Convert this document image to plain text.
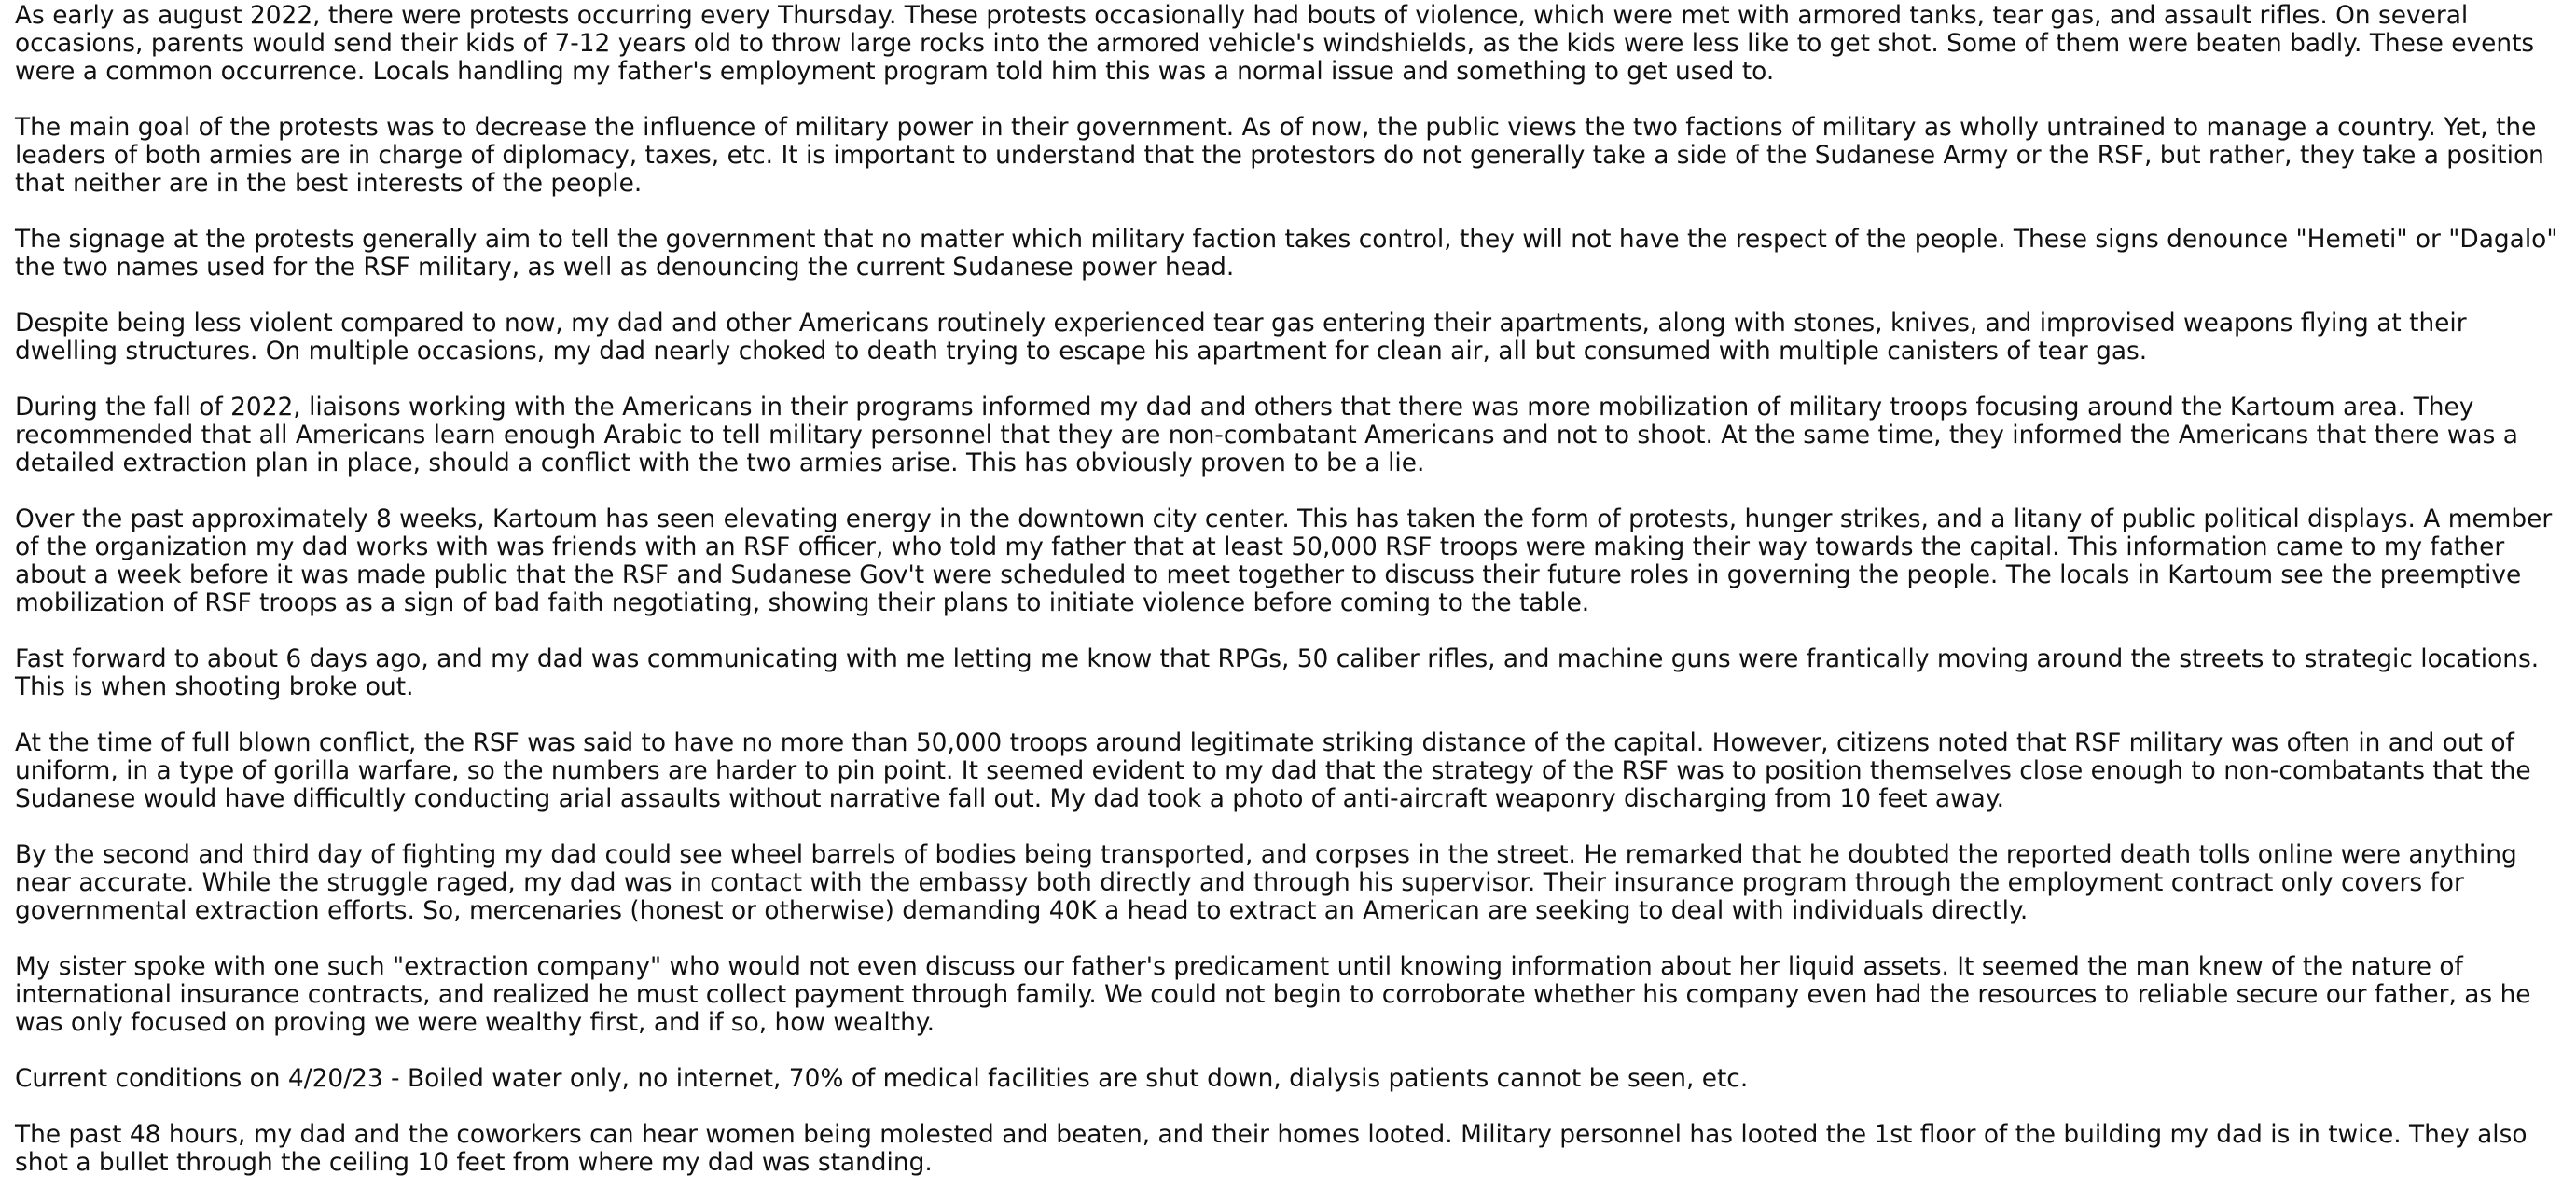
As early as august 2022, there were protests occurring every Thursday. These protests occasionally had bouts of violence, which were met with armored tanks, tear gas, and assault rifles. On several occasions, parents would send their kids of 7-12 years old to throw large rocks into the armored vehicle's windshields, as the kids were less like to get shot. Some of them were beaten badly. These events were a common occurrence. Locals handling my father's employment program told him this was a normal issue and something to get used to.

The main goal of the protests was to decrease the influence of military power in their government. As of now, the public views the two factions of military as wholly untrained to manage a country. Yet, the leaders of both armies are in charge of diplomacy, taxes, etc. It is important to understand that the protestors do not generally take a side of the Sudanese Army or the RSF, but rather, they take a position that neither are in the best interests of the people.

The signage at the protests generally aim to tell the government that no matter which military faction takes control, they will not have the respect of the people. These signs denounce "Hemeti" or "Dagalo" the two names used for the RSF military, as well as denouncing the current Sudanese power head.

Despite being less violent compared to now, my dad and other Americans routinely experienced tear gas entering their apartments, along with stones, knives, and improvised weapons flying at their dwelling structures. On multiple occasions, my dad nearly choked to death trying to escape his apartment for clean air, all but consumed with multiple canisters of tear gas.

During the fall of 2022, liaisons working with the Americans in their programs informed my dad and others that there was more mobilization of military troops focusing around the Kartoum area. They recommended that all Americans learn enough Arabic to tell military personnel that they are non-combatant Americans and not to shoot. At the same time, they informed the Americans that there was a detailed extraction plan in place, should a conflict with the two armies arise. This has obviously proven to be a lie.

Over the past approximately 8 weeks, Kartoum has seen elevating energy in the downtown city center. This has taken the form of protests, hunger strikes, and a litany of public political displays. A member of the organization my dad works with was friends with an RSF officer, who told my father that at least 50,000 RSF troops were making their way towards the capital. This information came to my father about a week before it was made public that the RSF and Sudanese Gov't were scheduled to meet together to discuss their future roles in governing the people. The locals in Kartoum see the preemptive mobilization of RSF troops as a sign of bad faith negotiating, showing their plans to initiate violence before coming to the table.

Fast forward to about 6 days ago, and my dad was communicating with me letting me know that RPGs, 50 caliber rifles, and machine guns were frantically moving around the streets to strategic locations. This is when shooting broke out.

At the time of full blown conflict, the RSF was said to have no more than 50,000 troops around legitimate striking distance of the capital. However, citizens noted that RSF military was often in and out of uniform, in a type of gorilla warfare, so the numbers are harder to pin point. It seemed evident to my dad that the strategy of the RSF was to position themselves close enough to non-combatants that the Sudanese would have difficultly conducting arial assaults without narrative fall out. My dad took a photo of anti-aircraft weaponry discharging from 10 feet away.

By the second and third day of fighting my dad could see wheel barrels of bodies being transported, and corpses in the street. He remarked that he doubted the reported death tolls online were anything near accurate. While the struggle raged, my dad was in contact with the embassy both directly and through his supervisor. Their insurance program through the employment contract only covers for governmental extraction efforts. So, mercenaries (honest or otherwise) demanding 40K a head to extract an American are seeking to deal with individuals directly.

My sister spoke with one such "extraction company" who would not even discuss our father's predicament until knowing information about her liquid assets. It seemed the man knew of the nature of international insurance contracts, and realized he must collect payment through family. We could not begin to corroborate whether his company even had the resources to reliable secure our father, as he was only focused on proving we were wealthy first, and if so, how wealthy.

Current conditions on 4/20/23 - Boiled water only, no internet, 70% of medical facilities are shut down, dialysis patients cannot be seen, etc.

The past 48 hours, my dad and the coworkers can hear women being molested and beaten, and their homes looted. Military personnel has looted the 1st floor of the building my dad is in twice. They also shot a bullet through the ceiling 10 feet from where my dad was standing.
